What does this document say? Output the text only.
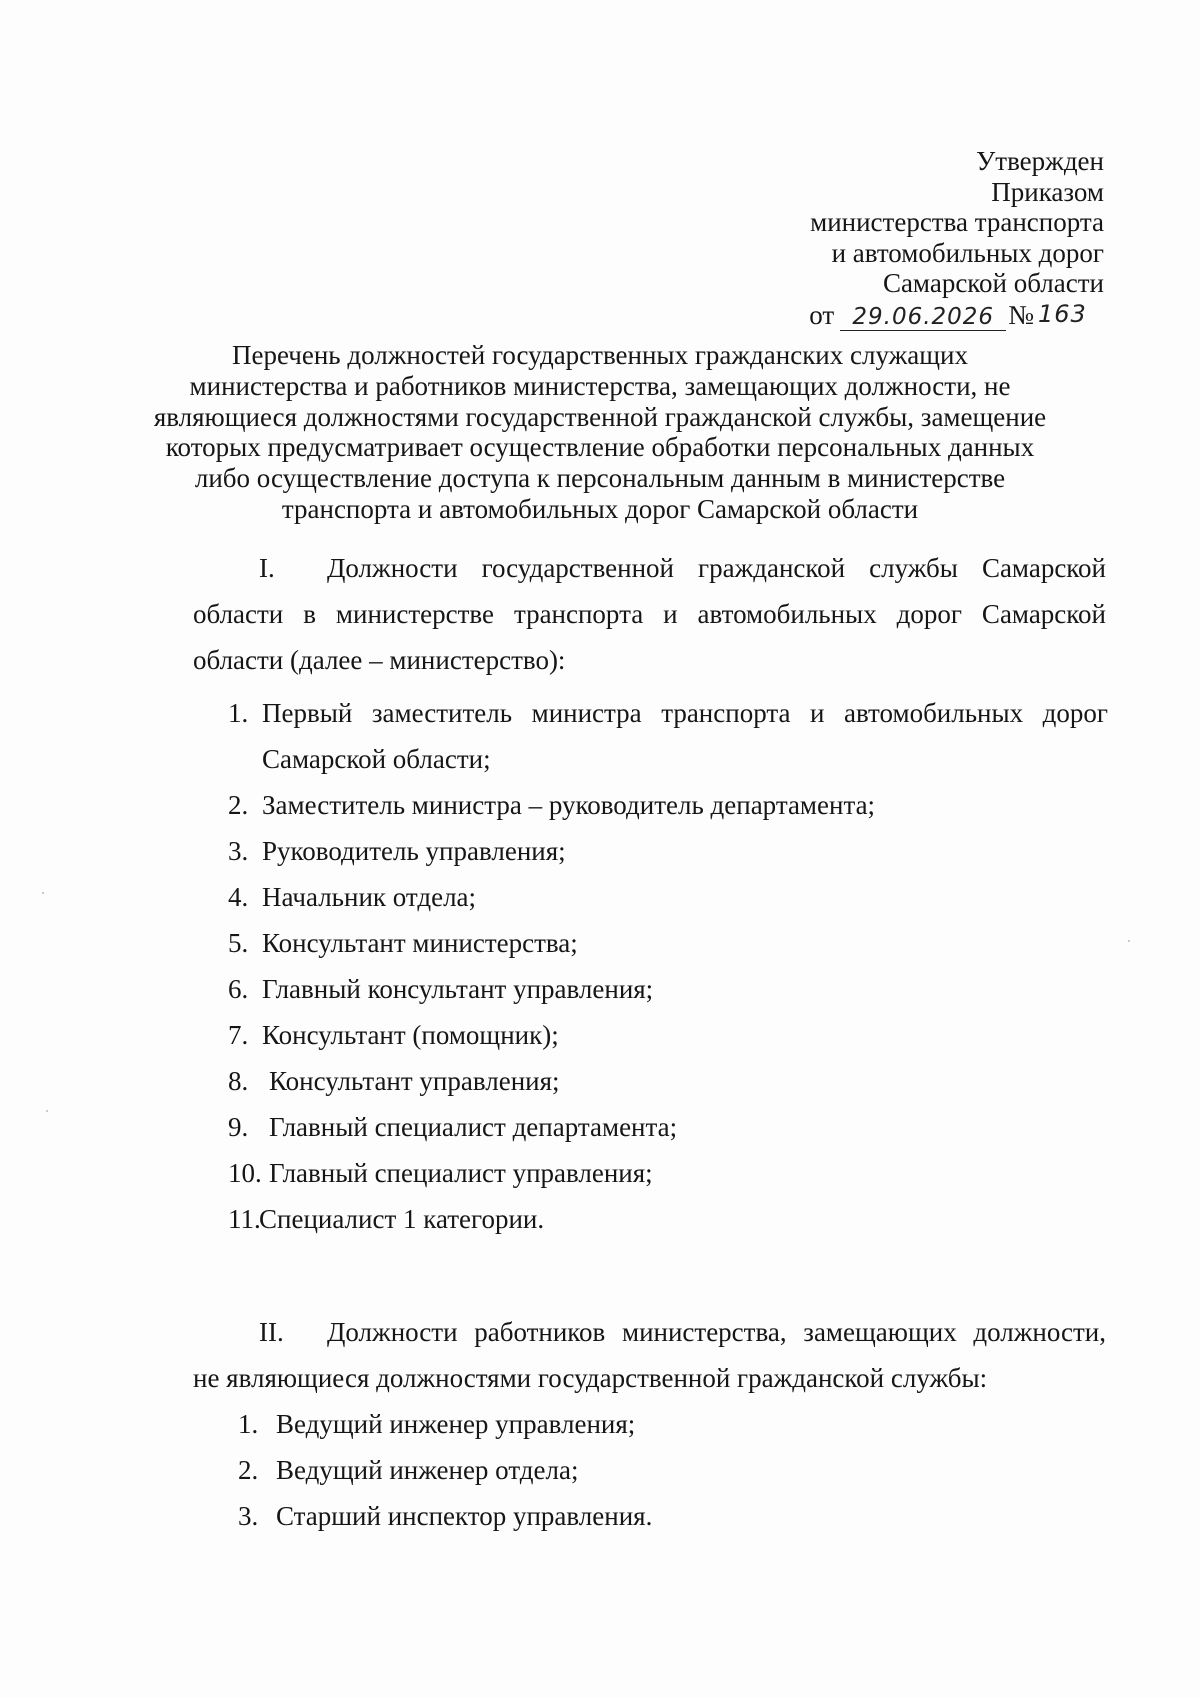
Утвержден
Приказом
министерства транспорта
и автомобильных дорог
Самарской области
от 29.06.2026 № 163
Перечень должностей государственных гражданских служащих
министерства и работников министерства, замещающих должности, не
являющиеся должностями государственной гражданской службы, замещение
которых предусматривает осуществление обработки персональных данных
либо осуществление доступа к персональным данным в министерстве
транспорта и автомобильных дорог Самарской области
I. Должности государственной гражданской службы Самарской
области в министерстве транспорта и автомобильных дорог Самарской
области (далее – министерство):
1. Первый заместитель министра транспорта и автомобильных дорог
Самарской области;
2. Заместитель министра – руководитель департамента;
3. Руководитель управления;
4. Начальник отдела;
5. Консультант министерства;
6. Главный консультант управления;
7. Консультант (помощник);
8. Консультант управления;
9. Главный специалист департамента;
10. Главный специалист управления;
11.
Специалист 1 категории.
II. Должности работников министерства, замещающих должности,
не являющиеся должностями государственной гражданской службы:
1. Ведущий инженер управления;
2. Ведущий инженер отдела;
3. Старший инспектор управления.
